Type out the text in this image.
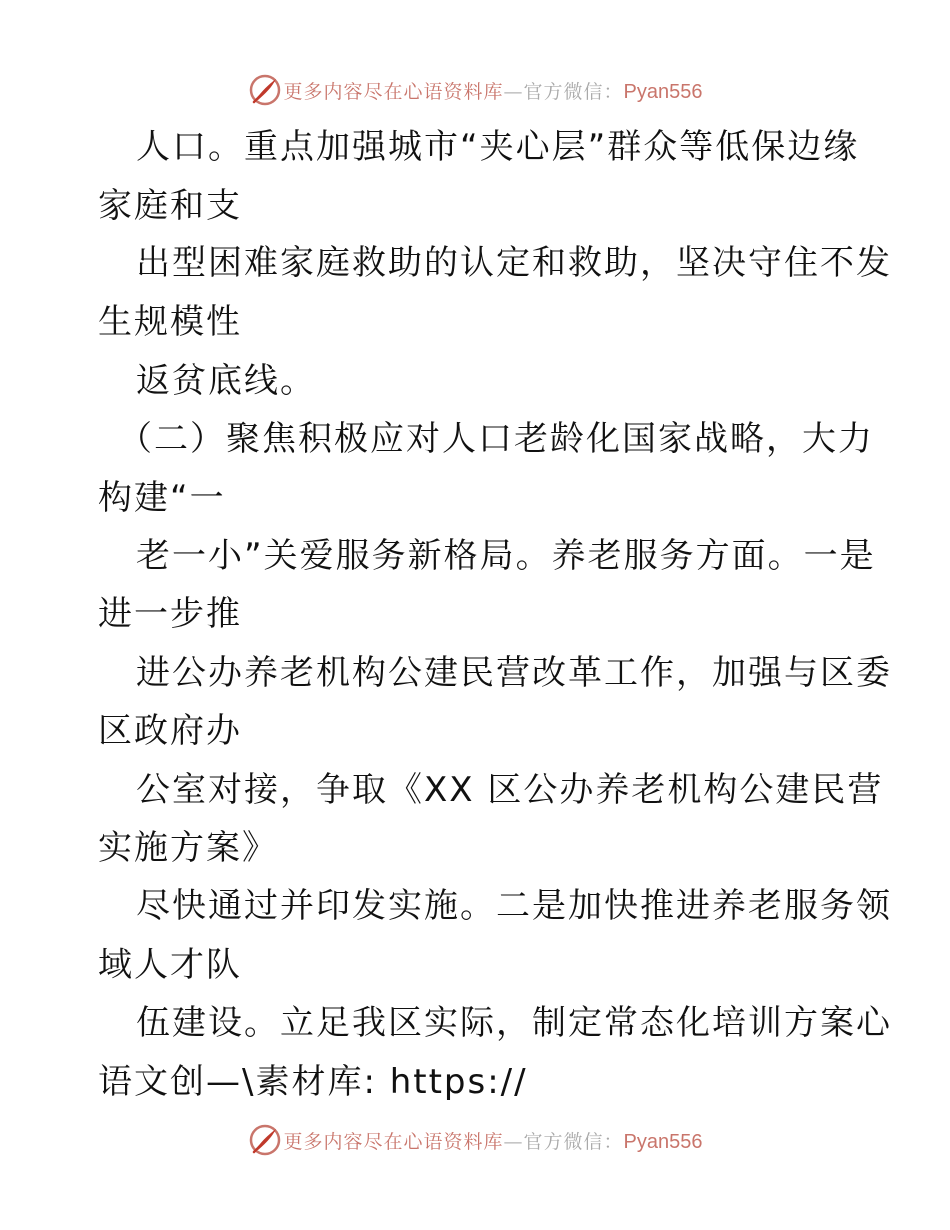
更多内容尽在心语资料库—官方微信：Pyan556
人口。重点加强城市“夹心层”群众等低保边缘
家庭和支
出型困难家庭救助的认定和救助，坚决守住不发
生规模性
返贫底线。
（二）聚焦积极应对人口老龄化国家战略，大力
构建“一
老一小”关爱服务新格局。养老服务方面。一是
进一步推
进公办养老机构公建民营改革工作，加强与区委
区政府办
公室对接，争取《XX 区公办养老机构公建民营
实施方案》
尽快通过并印发实施。二是加快推进养老服务领
域人才队
伍建设。立足我区实际，制定常态化培训方案心
语文创—\素材库: https://
更多内容尽在心语资料库—官方微信：Pyan556
